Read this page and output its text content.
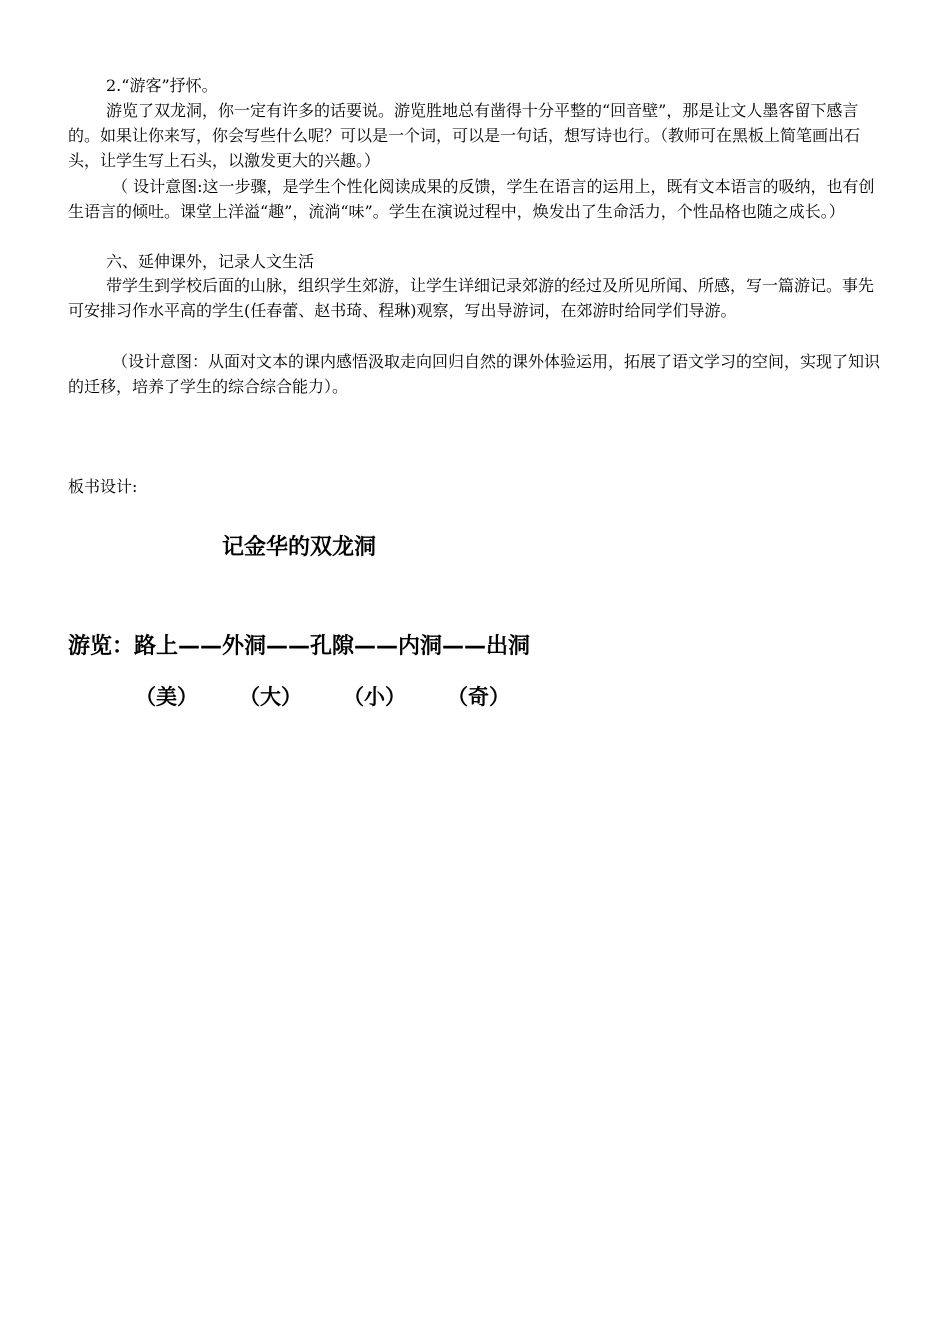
2.“游客”抒怀。

游览了双龙洞，你一定有许多的话要说。游览胜地总有凿得十分平整的“回音壁”，那是让文人墨客留下感言的。如果让你来写，你会写些什么呢？可以是一个词，可以是一句话，想写诗也行。（教师可在黑板上简笔画出石头，让学生写上石头，以激发更大的兴趣。）

（ 设计意图:这一步骤，是学生个性化阅读成果的反馈，学生在语言的运用上，既有文本语言的吸纳，也有创生语言的倾吐。课堂上洋溢“趣”，流淌“味”。学生在演说过程中，焕发出了生命活力，个性品格也随之成长。）

六、延伸课外，记录人文生活

带学生到学校后面的山脉，组织学生郊游，让学生详细记录郊游的经过及所见所闻、所感，写一篇游记。事先可安排习作水平高的学生(任春蕾、赵书琦、程琳)观察，写出导游词，在郊游时给同学们导游。

（设计意图：从面对文本的课内感悟汲取走向回归自然的课外体验运用，拓展了语文学习的空间，实现了知识的迁移，培养了学生的综合综合能力）。

板书设计:
记金华的双龙洞
游览：路上——外洞——孔隙——内洞——出洞
（美） （大） （小） （奇）
